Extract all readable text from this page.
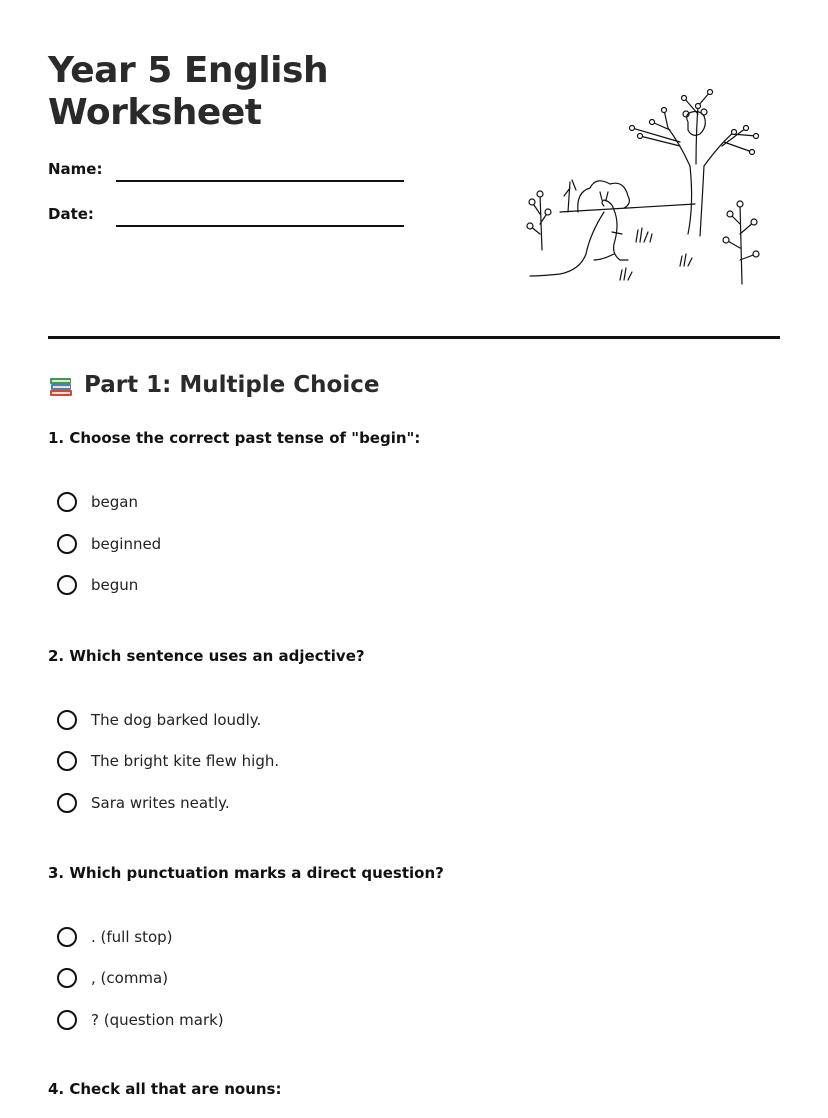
Year 5 English
Worksheet
Name:
Date:
Part 1: Multiple Choice

1. Choose the correct past tense of "begin":

began
beginned
begun

2. Which sentence uses an adjective?

The dog barked loudly.
The bright kite flew high.
Sara writes neatly.

3. Which punctuation marks a direct question?

. (full stop)
, (comma)
? (question mark)

4. Check all that are nouns:
